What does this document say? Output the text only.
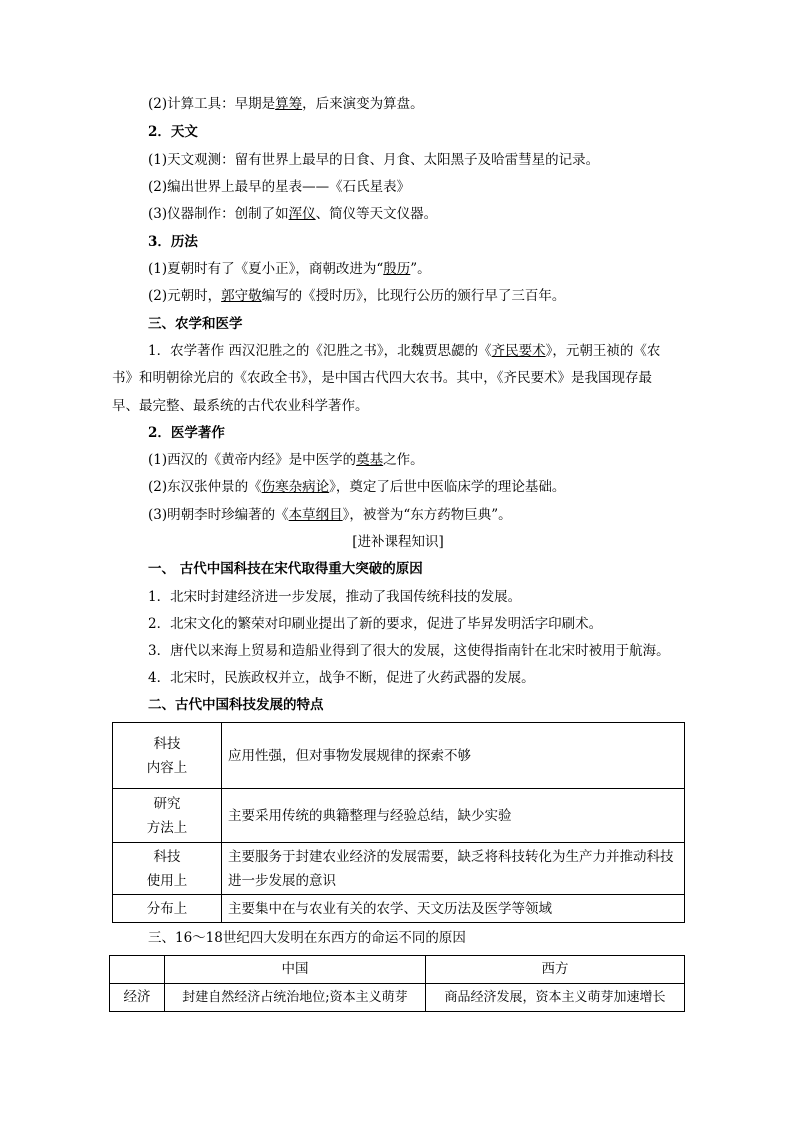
(2)计算工具：早期是算筹，后来演变为算盘。
2．天文
(1)天文观测：留有世界上最早的日食、月食、太阳黑子及哈雷彗星的记录。
(2)编出世界上最早的星表——《石氏星表》
(3)仪器制作：创制了如浑仪、简仪等天文仪器。
3．历法
(1)夏朝时有了《夏小正》，商朝改进为“殷历”。
(2)元朝时，郭守敬编写的《授时历》，比现行公历的颁行早了三百年。
三、农学和医学
1．农学著作 西汉氾胜之的《氾胜之书》，北魏贾思勰的《齐民要术》，元朝王祯的《农
书》和明朝徐光启的《农政全书》，是中国古代四大农书。其中，《齐民要术》是我国现存最
早、最完整、最系统的古代农业科学著作。
2．医学著作
(1)西汉的《黄帝内经》是中医学的奠基之作。
(2)东汉张仲景的《伤寒杂病论》，奠定了后世中医临床学的理论基础。
(3)明朝李时珍编著的《本草纲目》，被誉为“东方药物巨典”。
[进补课程知识]
一、 古代中国科技在宋代取得重大突破的原因
1．北宋时封建经济进一步发展，推动了我国传统科技的发展。
2．北宋文化的繁荣对印刷业提出了新的要求，促进了毕昇发明活字印刷术。
3．唐代以来海上贸易和造船业得到了很大的发展，这使得指南针在北宋时被用于航海。
4．北宋时，民族政权并立，战争不断，促进了火药武器的发展。
二、古代中国科技发展的特点
科技
内容上	应用性强，但对事物发展规律的探索不够
研究
方法上	主要采用传统的典籍整理与经验总结，缺少实验
科技
使用上	主要服务于封建农业经济的发展需要，缺乏将科技转化为生产力并推动科技进一步发展的意识
分布上	主要集中在与农业有关的农学、天文历法及医学等领域
三、16～18世纪四大发明在东西方的命运不同的原因
	中国	西方
经济	封建自然经济占统治地位;资本主义萌芽	商品经济发展，资本主义萌芽加速增长
